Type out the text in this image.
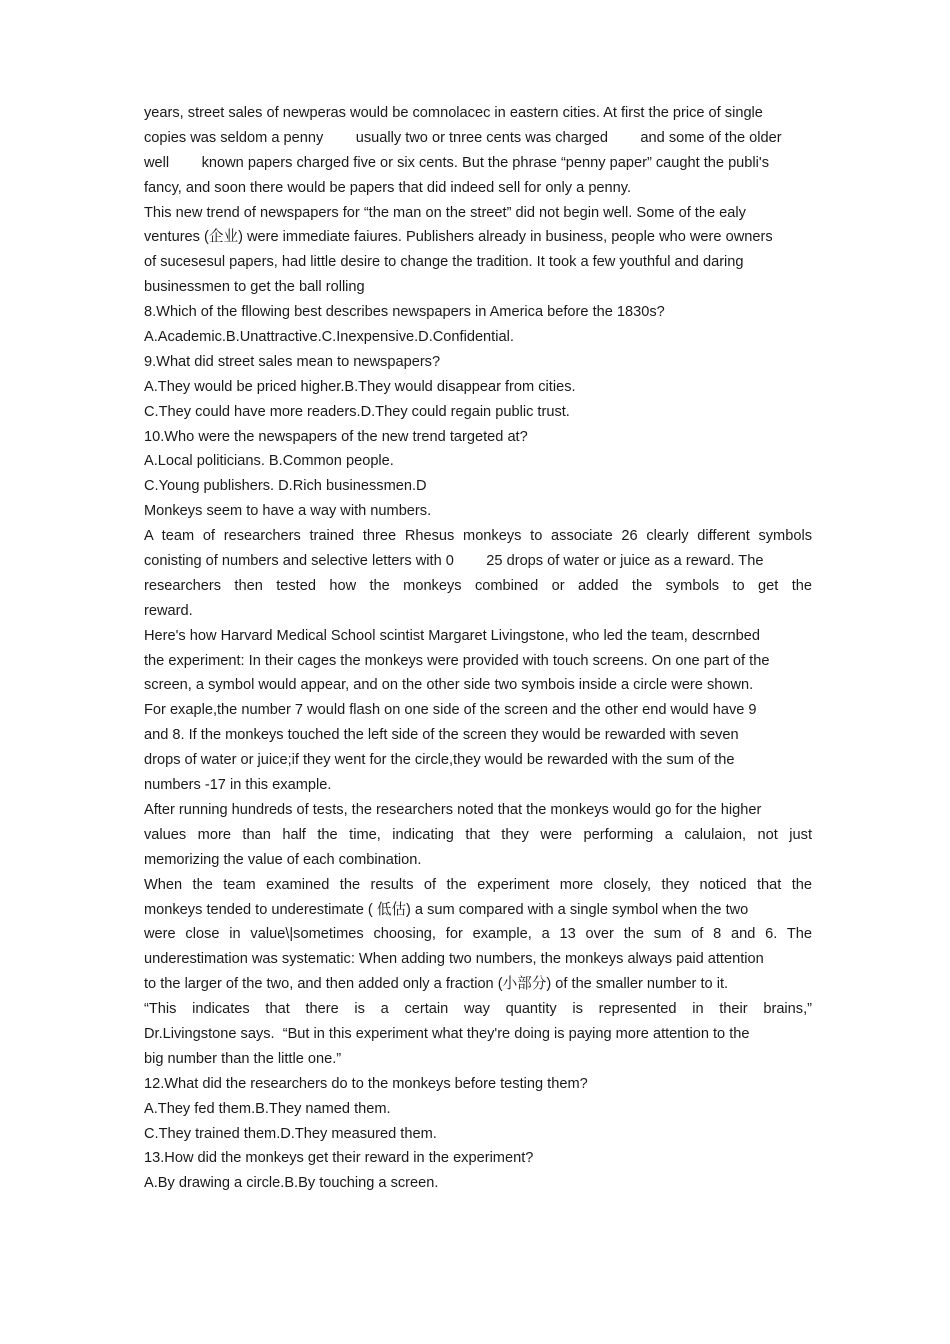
years, street sales of newperas would be comnolacec in eastern cities. At first the price of single
copies was seldom a penny        usually two or tnree cents was charged        and some of the older
well        known papers charged five or six cents. But the phrase “penny paper” caught the publi's
fancy, and soon there would be papers that did indeed sell for only a penny.
This new trend of newspapers for “the man on the street” did not begin well. Some of the ealy
ventures (企业) were immediate faiures. Publishers already in business, people who were owners
of sucesesul papers, had little desire to change the tradition. It took a few youthful and daring
businessmen to get the ball rolling
8.Which of the fllowing best describes newspapers in America before the 1830s?
A.Academic.B.Unattractive.C.Inexpensive.D.Confidential.
9.What did street sales mean to newspapers?
A.They would be priced higher.B.They would disappear from cities.
C.They could have more readers.D.They could regain public trust.
10.Who were the newspapers of the new trend targeted at?
A.Local politicians. B.Common people.
C.Young publishers. D.Rich businessmen.D
Monkeys seem to have a way with numbers.
A team of researchers trained three Rhesus monkeys to associate 26 clearly different symbols
conisting of numbers and selective letters with 0        25 drops of water or juice as a reward. The
researchers then tested how the monkeys combined or added the symbols to get the
reward.
Here's how Harvard Medical School scintist Margaret Livingstone, who led the team, descrnbed
the experiment: In their cages the monkeys were provided with touch screens. On one part of the
screen, a symbol would appear, and on the other side two symbois inside a circle were shown.
For exaple,the number 7 would flash on one side of the screen and the other end would have 9
and 8. If the monkeys touched the left side of the screen they would be rewarded with seven
drops of water or juice;if they went for the circle,they would be rewarded with the sum of the
numbers -17 in this example.
After running hundreds of tests, the researchers noted that the monkeys would go for the higher
values more than half the time, indicating that they were performing a calulaion, not just
memorizing the value of each combination.
When the team examined the results of the experiment more closely, they noticed that the
monkeys tended to underestimate ( 低估) a sum compared with a single symbol when the two
were close in value\|sometimes choosing, for example, a 13 over the sum of 8 and 6. The
underestimation was systematic: When adding two numbers, the monkeys always paid attention
to the larger of the two, and then added only a fraction (小部分) of the smaller number to it.
“This indicates that there is a certain way quantity is represented in their brains,”
Dr.Livingstone says.  “But in this experiment what they're doing is paying more attention to the
big number than the little one.”
12.What did the researchers do to the monkeys before testing them?
A.They fed them.B.They named them.
C.They trained them.D.They measured them.
13.How did the monkeys get their reward in the experiment?
A.By drawing a circle.B.By touching a screen.
